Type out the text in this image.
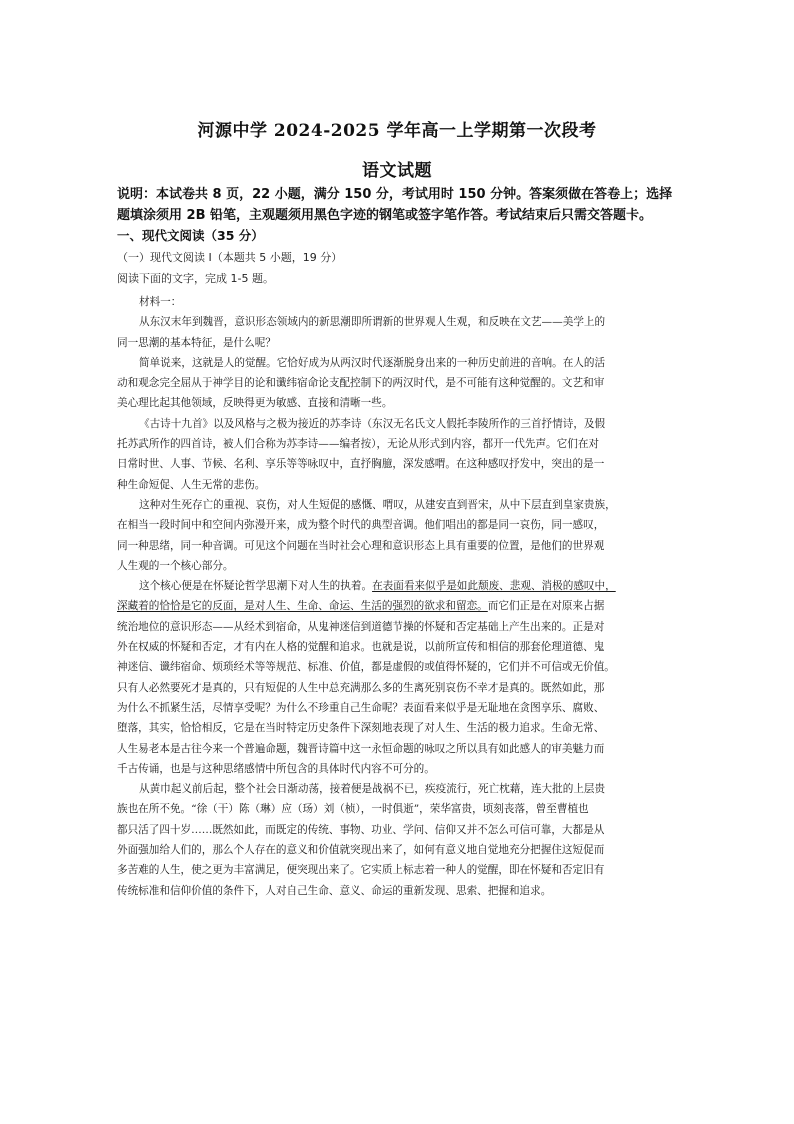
河源中学 2024-2025 学年高一上学期第一次段考
语文试题
说明：本试卷共 8 页，22 小题，满分 150 分，考试用时 150 分钟。答案须做在答卷上；选择
题填涂须用 2B 铅笔，主观题须用黑色字迹的钢笔或签字笔作答。考试结束后只需交答题卡。
一、现代文阅读（35 分）
（一）现代文阅读 I（本题共 5 小题，19 分）
阅读下面的文字，完成 1-5 题。
材料一：
从东汉末年到魏晋，意识形态领域内的新思潮即所谓新的世界观人生观，和反映在文艺——美学上的
同一思潮的基本特征，是什么呢？
简单说来，这就是人的觉醒。它恰好成为从两汉时代逐渐脱身出来的一种历史前进的音响。在人的活
动和观念完全屈从于神学目的论和谶纬宿命论支配控制下的两汉时代，是不可能有这种觉醒的。文艺和审
美心理比起其他领域，反映得更为敏感、直接和清晰一些。
《古诗十九首》以及风格与之极为接近的苏李诗（东汉无名氏文人假托李陵所作的三首抒情诗，及假
托苏武所作的四首诗，被人们合称为苏李诗——编者按），无论从形式到内容，都开一代先声。它们在对
日常时世、人事、节候、名利、享乐等等咏叹中，直抒胸臆，深发感喟。在这种感叹抒发中，突出的是一
种生命短促、人生无常的悲伤。
这种对生死存亡的重视、哀伤，对人生短促的感慨、喟叹，从建安直到晋宋，从中下层直到皇家贵族，
在相当一段时间中和空间内弥漫开来，成为整个时代的典型音调。他们唱出的都是同一哀伤，同一感叹，
同一种思绪，同一种音调。可见这个问题在当时社会心理和意识形态上具有重要的位置，是他们的世界观
人生观的一个核心部分。
这个核心便是在怀疑论哲学思潮下对人生的执着。在表面看来似乎是如此颓废、悲观、消极的感叹中，
深藏着的恰恰是它的反面，是对人生、生命、命运、生活的强烈的欲求和留恋。而它们正是在对原来占据
统治地位的意识形态——从经术到宿命，从鬼神迷信到道德节操的怀疑和否定基础上产生出来的。正是对
外在权威的怀疑和否定，才有内在人格的觉醒和追求。也就是说，以前所宣传和相信的那套伦理道德、鬼
神迷信、谶纬宿命、烦琐经术等等规范、标准、价值，都是虚假的或值得怀疑的，它们并不可信或无价值。
只有人必然要死才是真的，只有短促的人生中总充满那么多的生离死别哀伤不幸才是真的。既然如此，那
为什么不抓紧生活，尽情享受呢？为什么不珍重自己生命呢？表面看来似乎是无耻地在贪图享乐、腐败、
堕落，其实，恰恰相反，它是在当时特定历史条件下深刻地表现了对人生、生活的极力追求。生命无常、
人生易老本是古往今来一个普遍命题，魏晋诗篇中这一永恒命题的咏叹之所以具有如此感人的审美魅力而
千古传诵，也是与这种思绪感情中所包含的具体时代内容不可分的。
从黄巾起义前后起，整个社会日渐动荡，接着便是战祸不已，疾疫流行，死亡枕藉，连大批的上层贵
族也在所不免。“徐（干）陈（琳）应（玚）刘（桢），一时俱逝”，荣华富贵，顷刻丧落，曾至曹植也
都只活了四十岁……既然如此，而既定的传统、事物、功业、学问、信仰又并不怎么可信可靠，大都是从
外面强加给人们的，那么个人存在的意义和价值就突现出来了，如何有意义地自觉地充分把握住这短促而
多苦难的人生，使之更为丰富满足，便突现出来了。它实质上标志着一种人的觉醒，即在怀疑和否定旧有
传统标准和信仰价值的条件下，人对自己生命、意义、命运的重新发现、思索、把握和追求。
